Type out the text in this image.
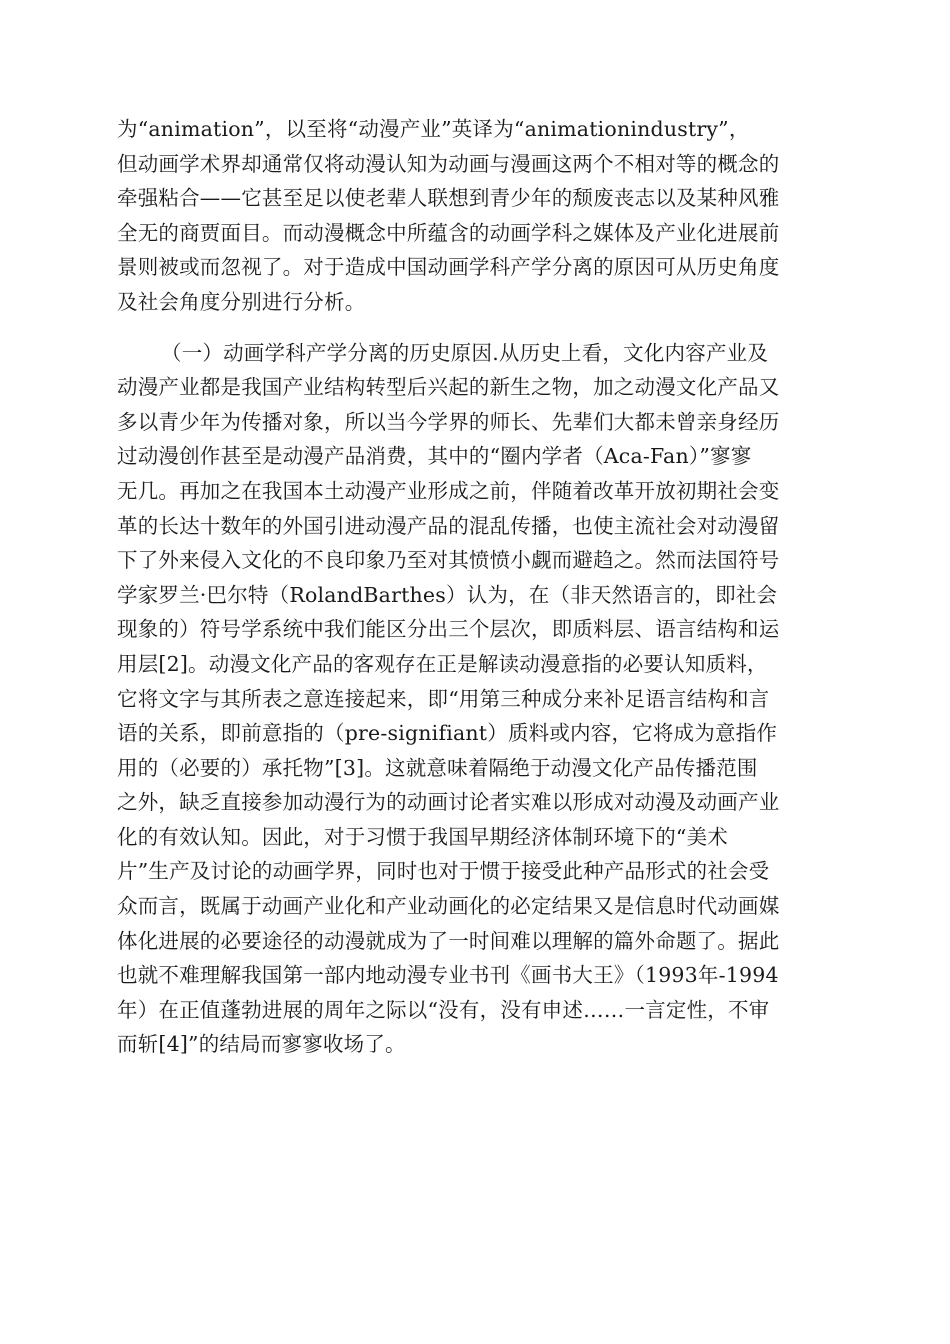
为“animation”，以至将“动漫产业”英译为“animationindustry”，
但动画学术界却通常仅将动漫认知为动画与漫画这两个不相对等的概念的
牵强粘合——它甚至足以使老辈人联想到青少年的颓废丧志以及某种风雅
全无的商贾面目。而动漫概念中所蕴含的动画学科之媒体及产业化进展前
景则被或而忽视了。对于造成中国动画学科产学分离的原因可从历史角度
及社会角度分别进行分析。
（一）动画学科产学分离的历史原因.从历史上看，文化内容产业及
动漫产业都是我国产业结构转型后兴起的新生之物，加之动漫文化产品又
多以青少年为传播对象，所以当今学界的师长、先辈们大都未曾亲身经历
过动漫创作甚至是动漫产品消费，其中的“圈内学者（Aca-Fan）”寥寥
无几。再加之在我国本土动漫产业形成之前，伴随着改革开放初期社会变
革的长达十数年的外国引进动漫产品的混乱传播，也使主流社会对动漫留
下了外来侵入文化的不良印象乃至对其愤愤小觑而避趋之。然而法国符号
学家罗兰·巴尔特（RolandBarthes）认为，在（非天然语言的，即社会
现象的）符号学系统中我们能区分出三个层次，即质料层、语言结构和运
用层[2]。动漫文化产品的客观存在正是解读动漫意指的必要认知质料，
它将文字与其所表之意连接起来，即“用第三种成分来补足语言结构和言
语的关系，即前意指的（pre-signifiant）质料或内容，它将成为意指作
用的（必要的）承托物”[3]。这就意味着隔绝于动漫文化产品传播范围
之外，缺乏直接参加动漫行为的动画讨论者实难以形成对动漫及动画产业
化的有效认知。因此，对于习惯于我国早期经济体制环境下的“美术
片”生产及讨论的动画学界，同时也对于惯于接受此种产品形式的社会受
众而言，既属于动画产业化和产业动画化的必定结果又是信息时代动画媒
体化进展的必要途径的动漫就成为了一时间难以理解的篇外命题了。据此
也就不难理解我国第一部内地动漫专业书刊《画书大王》（1993年-1994
年）在正值蓬勃进展的周年之际以“没有，没有申述……一言定性，不审
而斩[4]”的结局而寥寥收场了。
